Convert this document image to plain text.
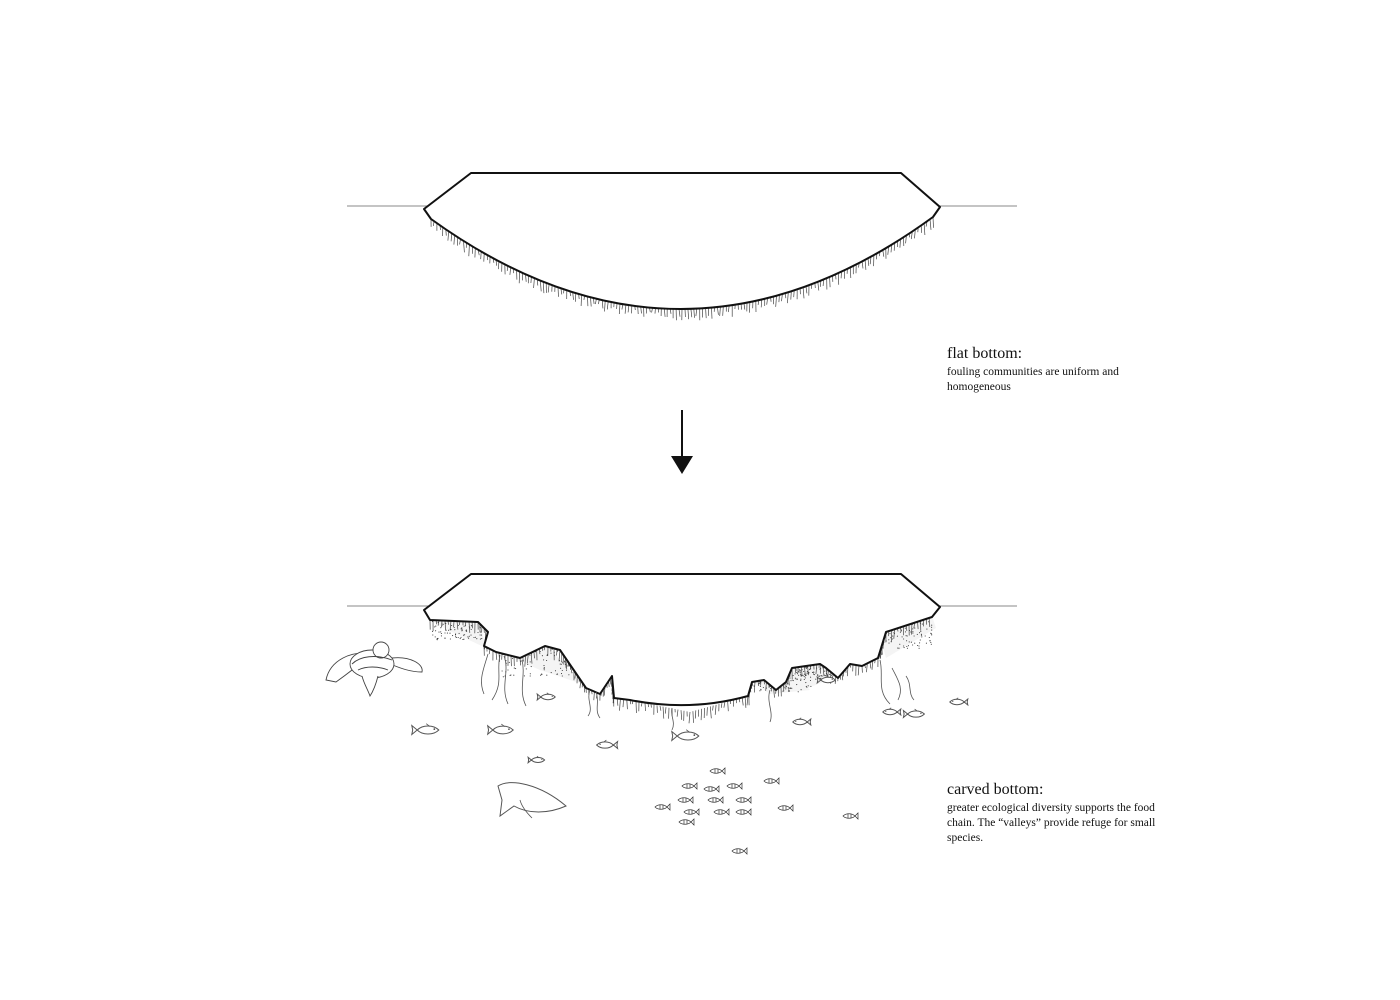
flat bottom:
fouling communities are uniform and homogeneous
carved bottom:
greater ecological diversity supports the food chain. The “valleys” provide refuge for small species.
